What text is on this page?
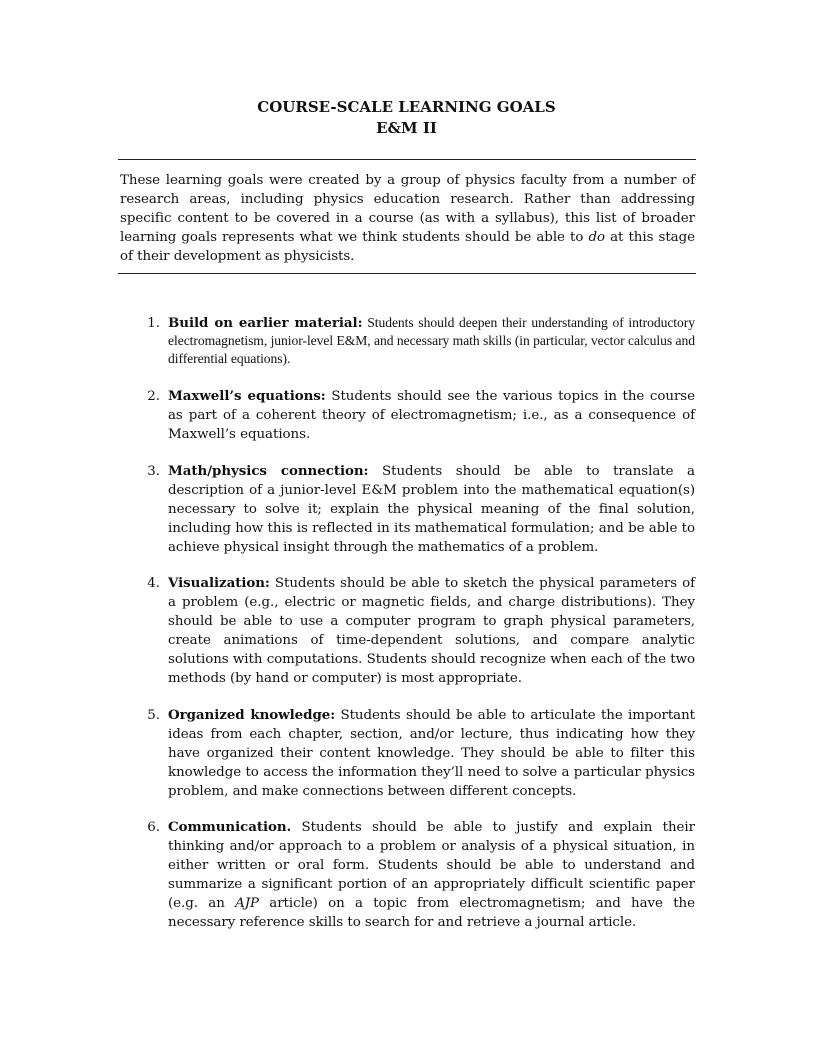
COURSE-SCALE LEARNING GOALS
E&M II
These learning goals were created by a group of physics faculty from a number of research areas, including physics education research. Rather than addressing specific content to be covered in a course (as with a syllabus), this list of broader learning goals represents what we think students should be able to do at this stage of their development as physicists.
1. Build on earlier material: Students should deepen their understanding of introductory electromagnetism, junior-level E&M, and necessary math skills (in particular, vector calculus and differential equations).
2. Maxwell’s equations: Students should see the various topics in the course as part of a coherent theory of electromagnetism; i.e., as a consequence of Maxwell’s equations.
3. Math/physics connection: Students should be able to translate a description of a junior-level E&M problem into the mathematical equation(s) necessary to solve it; explain the physical meaning of the final solution, including how this is reflected in its mathematical formulation; and be able to achieve physical insight through the mathematics of a problem.
4. Visualization: Students should be able to sketch the physical parameters of a problem (e.g., electric or magnetic fields, and charge distributions). They should be able to use a computer program to graph physical parameters, create animations of time-dependent solutions, and compare analytic solutions with computations. Students should recognize when each of the two methods (by hand or computer) is most appropriate.
5. Organized knowledge: Students should be able to articulate the important ideas from each chapter, section, and/or lecture, thus indicating how they have organized their content knowledge. They should be able to filter this knowledge to access the information they’ll need to solve a particular physics problem, and make connections between different concepts.
6. Communication. Students should be able to justify and explain their thinking and/or approach to a problem or analysis of a physical situation, in either written or oral form. Students should be able to understand and summarize a significant portion of an appropriately difficult scientific paper (e.g. an AJP article) on a topic from electromagnetism; and have the necessary reference skills to search for and retrieve a journal article.
